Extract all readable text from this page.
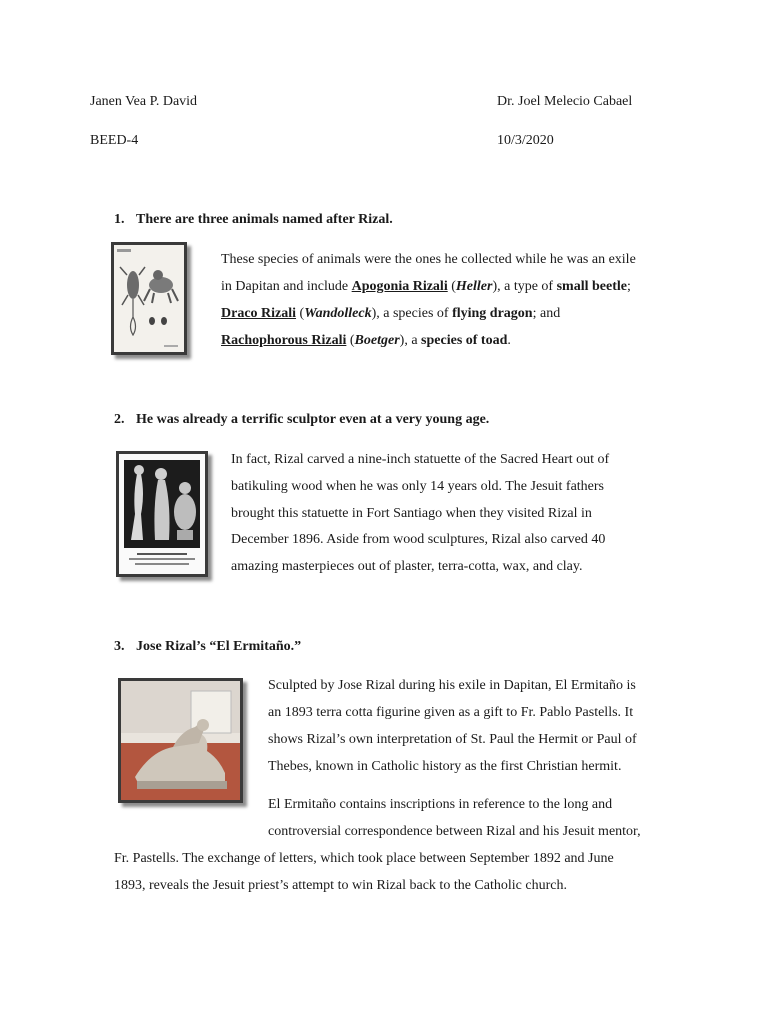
Janen Vea P. David
BEED-4
Dr. Joel Melecio Cabael
10/3/2020
1. There are three animals named after Rizal.
These species of animals were the ones he collected while he was an exile
in Dapitan and include Apogonia Rizali (Heller), a type of small beetle;
Draco Rizali (Wandolleck), a species of flying dragon; and
Rachophorous Rizali (Boetger), a species of toad.
2. He was already a terrific sculptor even at a very young age.
In fact, Rizal carved a nine-inch statuette of the Sacred Heart out of
batikuling wood when he was only 14 years old. The Jesuit fathers
brought this statuette in Fort Santiago when they visited Rizal in
December 1896. Aside from wood sculptures, Rizal also carved 40
amazing masterpieces out of plaster, terra-cotta, wax, and clay.
3. Jose Rizal’s “El Ermitaño.”
Sculpted by Jose Rizal during his exile in Dapitan, El Ermitaño is
an 1893 terra cotta figurine given as a gift to Fr. Pablo Pastells. It
shows Rizal’s own interpretation of St. Paul the Hermit or Paul of
Thebes, known in Catholic history as the first Christian hermit.
El Ermitaño contains inscriptions in reference to the long and
controversial correspondence between Rizal and his Jesuit mentor,
Fr. Pastells. The exchange of letters, which took place between September 1892 and June
1893, reveals the Jesuit priest’s attempt to win Rizal back to the Catholic church.
